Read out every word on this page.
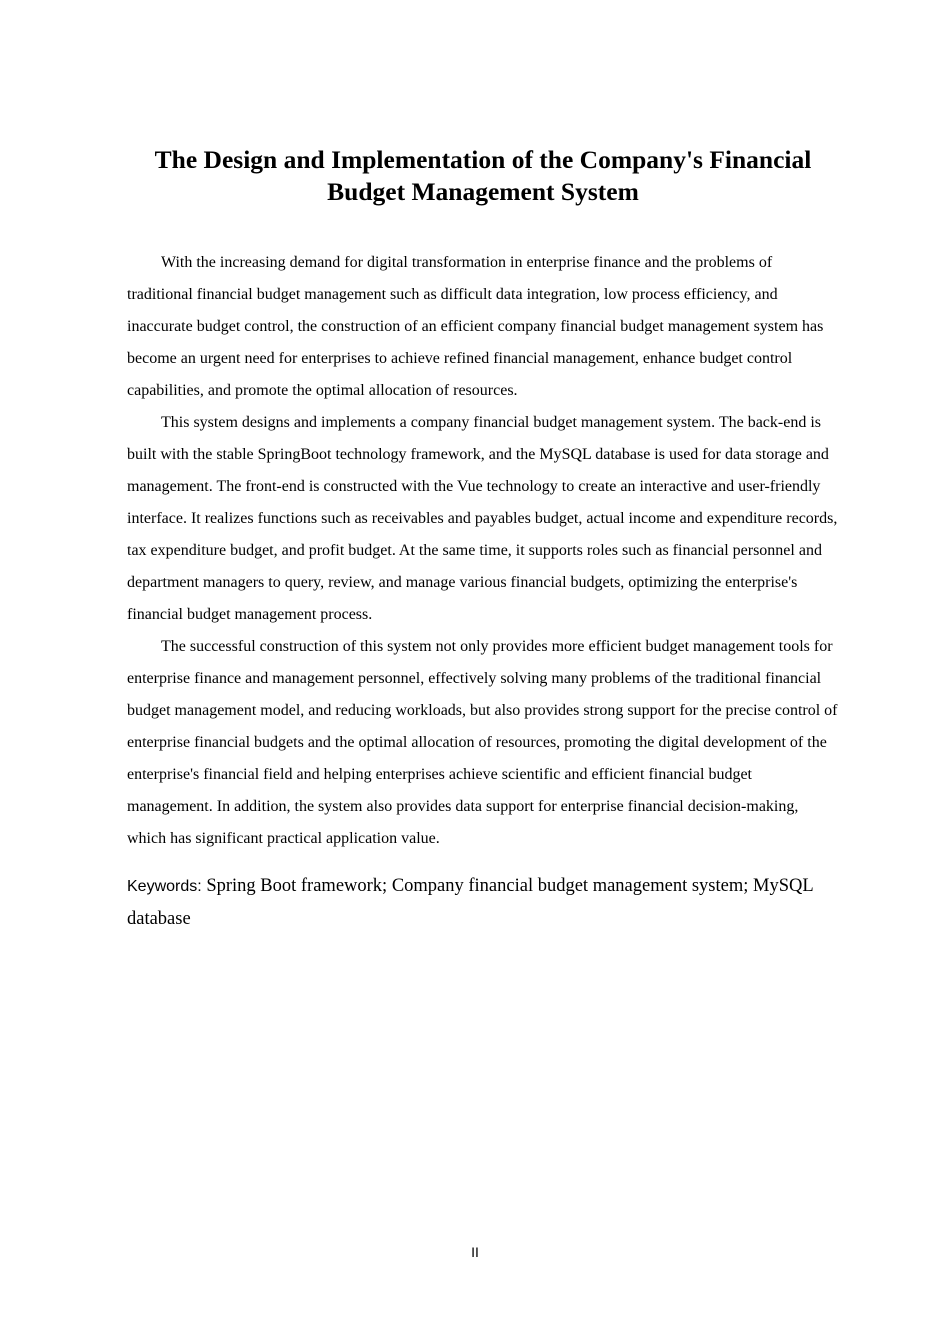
The Design and Implementation of the Company's Financial
Budget Management System

With the increasing demand for digital transformation in enterprise finance and the problems of traditional financial budget management such as difficult data integration, low process efficiency, and inaccurate budget control, the construction of an efficient company financial budget management system has become an urgent need for enterprises to achieve refined financial management, enhance budget control capabilities, and promote the optimal allocation of resources.

This system designs and implements a company financial budget management system. The back-end is built with the stable SpringBoot technology framework, and the MySQL database is used for data storage and management. The front-end is constructed with the Vue technology to create an interactive and user-friendly interface. It realizes functions such as receivables and payables budget, actual income and expenditure records, tax expenditure budget, and profit budget. At the same time, it supports roles such as financial personnel and department managers to query, review, and manage various financial budgets, optimizing the enterprise's financial budget management process.

The successful construction of this system not only provides more efficient budget management tools for enterprise finance and management personnel, effectively solving many problems of the traditional financial budget management model, and reducing workloads, but also provides strong support for the precise control of enterprise financial budgets and the optimal allocation of resources, promoting the digital development of the enterprise's financial field and helping enterprises achieve scientific and efficient financial budget management. In addition, the system also provides data support for enterprise financial decision-making, which has significant practical application value.

Keywords: Spring Boot framework; Company financial budget management system; MySQL database
II
